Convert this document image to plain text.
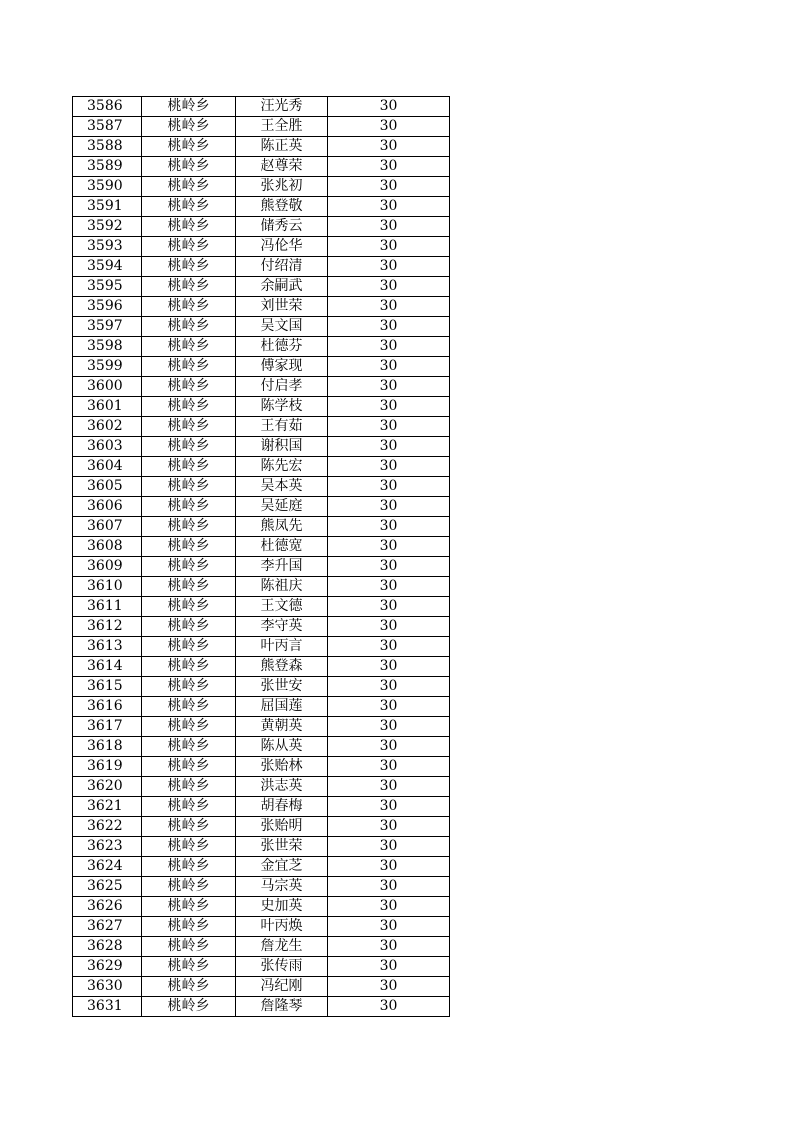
3586	桃岭乡	汪光秀	30
3587	桃岭乡	王全胜	30
3588	桃岭乡	陈正英	30
3589	桃岭乡	赵尊荣	30
3590	桃岭乡	张兆初	30
3591	桃岭乡	熊登敬	30
3592	桃岭乡	储秀云	30
3593	桃岭乡	冯伦华	30
3594	桃岭乡	付绍清	30
3595	桃岭乡	余嗣武	30
3596	桃岭乡	刘世荣	30
3597	桃岭乡	吴文国	30
3598	桃岭乡	杜德芬	30
3599	桃岭乡	傅家现	30
3600	桃岭乡	付启孝	30
3601	桃岭乡	陈学枝	30
3602	桃岭乡	王有茹	30
3603	桃岭乡	谢积国	30
3604	桃岭乡	陈先宏	30
3605	桃岭乡	吴本英	30
3606	桃岭乡	吴延庭	30
3607	桃岭乡	熊凤先	30
3608	桃岭乡	杜德宽	30
3609	桃岭乡	李升国	30
3610	桃岭乡	陈祖庆	30
3611	桃岭乡	王文德	30
3612	桃岭乡	李守英	30
3613	桃岭乡	叶丙言	30
3614	桃岭乡	熊登森	30
3615	桃岭乡	张世安	30
3616	桃岭乡	屈国莲	30
3617	桃岭乡	黄朝英	30
3618	桃岭乡	陈从英	30
3619	桃岭乡	张贻林	30
3620	桃岭乡	洪志英	30
3621	桃岭乡	胡春梅	30
3622	桃岭乡	张贻明	30
3623	桃岭乡	张世荣	30
3624	桃岭乡	金宜芝	30
3625	桃岭乡	马宗英	30
3626	桃岭乡	史加英	30
3627	桃岭乡	叶丙焕	30
3628	桃岭乡	詹龙生	30
3629	桃岭乡	张传雨	30
3630	桃岭乡	冯纪刚	30
3631	桃岭乡	詹隆琴	30
